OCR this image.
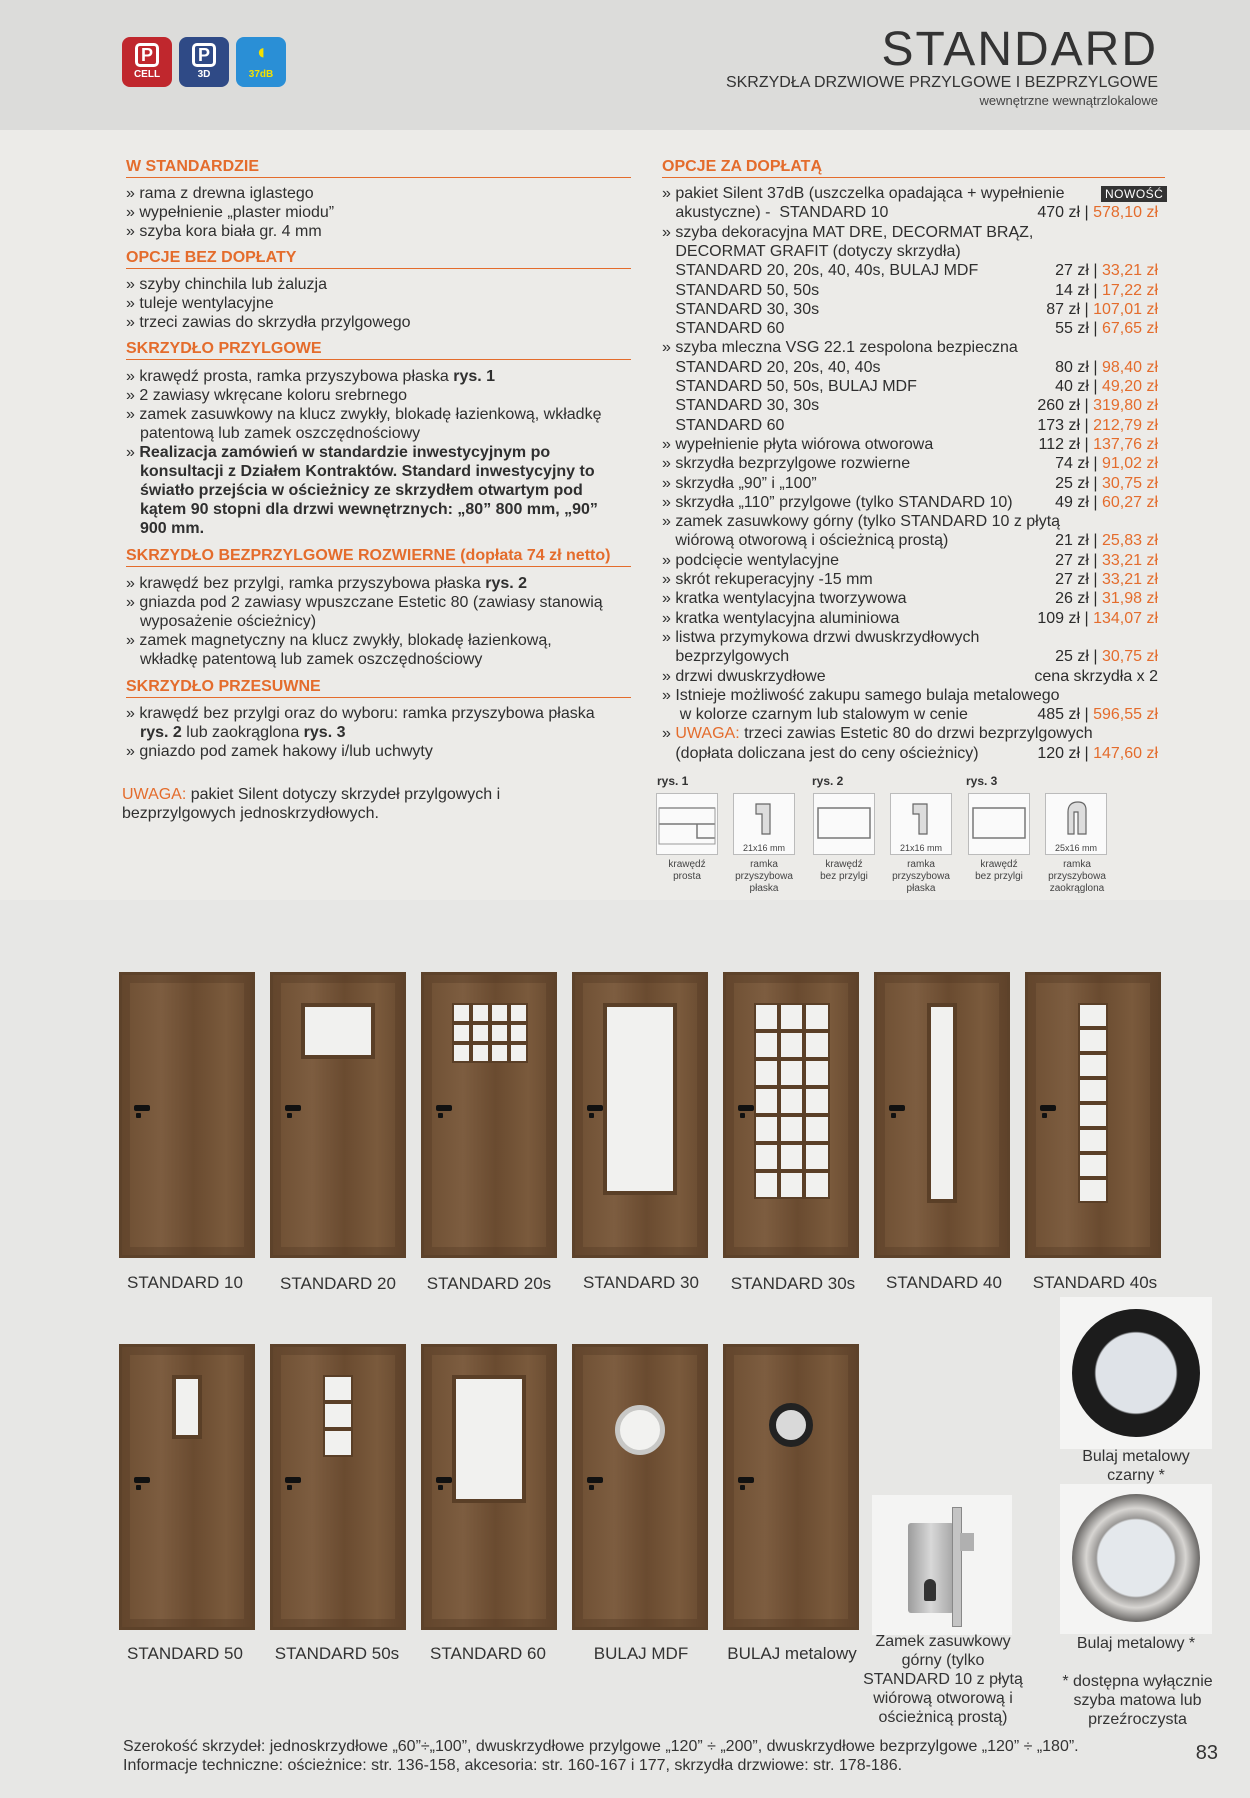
P
CELL
P
3D
◖
37dB	STANDARD
SKRZYDŁA DRZWIOWE PRZYLGOWE I BEZPRZYLGOWE
wewnętrzne wewnątrzlokalowe
W STANDARDZIE
» rama z drewna iglastego
» wypełnienie „plaster miodu”
» szyba kora biała gr. 4 mm
OPCJE BEZ DOPŁATY
» szyby chinchila lub żaluzja
» tuleje wentylacyjne
» trzeci zawias do skrzydła przylgowego
SKRZYDŁO PRZYLGOWE
» krawędź prosta, ramka przyszybowa płaska rys. 1
» 2 zawiasy wkręcane koloru srebrnego
» zamek zasuwkowy na klucz zwykły, blokadę łazienkową, wkładkę
patentową lub zamek oszczędnościowy
» Realizacja zamówień w standardzie inwestycyjnym po
konsultacji z Działem Kontraktów. Standard inwestycyjny to
światło przejścia w ościeżnicy ze skrzydłem otwartym pod
kątem 90 stopni dla drzwi wewnętrznych: „80” 800 mm, „90”
900 mm.
SKRZYDŁO BEZPRZYLGOWE ROZWIERNE (dopłata 74 zł netto)
» krawędź bez przylgi, ramka przyszybowa płaska rys. 2
» gniazda pod 2 zawiasy wpuszczane Estetic 80 (zawiasy stanowią
wyposażenie ościeżnicy)
» zamek magnetyczny na klucz zwykły, blokadę łazienkową,
wkładkę patentową lub zamek oszczędnościowy
SKRZYDŁO PRZESUWNE
» krawędź bez przylgi oraz do wyboru: ramka przyszybowa płaska
rys. 2 lub zaokrąglona rys. 3
» gniazdo pod zamek hakowy i/lub uchwyty
UWAGA: pakiet Silent dotyczy skrzydeł przylgowych i
bezprzylgowych jednoskrzydłowych.
OPCJE ZA DOPŁATĄ
NOWOŚĆ
» pakiet Silent 37dB (uszczelka opadająca + wypełnienie
akustyczne) -  STANDARD 10	470 zł | 578,10 zł
» szyba dekoracyjna MAT DRE, DECORMAT BRĄZ,
DECORMAT GRAFIT (dotyczy skrzydła)
STANDARD 20, 20s, 40, 40s, BULAJ MDF	27 zł | 33,21 zł
STANDARD 50, 50s	14 zł | 17,22 zł
STANDARD 30, 30s	87 zł | 107,01 zł
STANDARD 60	55 zł | 67,65 zł
» szyba mleczna VSG 22.1 zespolona bezpieczna
STANDARD 20, 20s, 40, 40s	80 zł | 98,40 zł
STANDARD 50, 50s, BULAJ MDF	40 zł | 49,20 zł
STANDARD 30, 30s	260 zł | 319,80 zł
STANDARD 60	173 zł | 212,79 zł
» wypełnienie płyta wiórowa otworowa	112 zł | 137,76 zł
» skrzydła bezprzylgowe rozwierne	74 zł | 91,02 zł
» skrzydła „90” i „100”	25 zł | 30,75 zł
» skrzydła „110” przylgowe (tylko STANDARD 10)	49 zł | 60,27 zł
» zamek zasuwkowy górny (tylko STANDARD 10 z płytą
wiórową otworową i ościeżnicą prostą)	21 zł | 25,83 zł
» podcięcie wentylacyjne	27 zł | 33,21 zł
» skrót rekuperacyjny -15 mm	27 zł | 33,21 zł
» kratka wentylacyjna tworzywowa	26 zł | 31,98 zł
» kratka wentylacyjna aluminiowa	109 zł | 134,07 zł
» listwa przymykowa drzwi dwuskrzydłowych
bezprzylgowych	25 zł | 30,75 zł
» drzwi dwuskrzydłowe	cena skrzydła x 2
» Istnieje możliwość zakupu samego bulaja metalowego
w kolorze czarnym lub stalowym w cenie	485 zł | 596,55 zł
» UWAGA: trzeci zawias Estetic 80 do drzwi bezprzylgowych
(dopłata doliczana jest do ceny ościeżnicy)	120 zł | 147,60 zł
rys. 1	rys. 2	rys. 3
21x16 mm	21x16 mm	25x16 mm
krawędź
prosta
ramka
przyszybowa
płaska
krawędź
bez przylgi
ramka
przyszybowa
płaska
krawędź
bez przylgi
ramka
przyszybowa
zaokrąglona
STANDARD 10	STANDARD 20	STANDARD 20s	STANDARD 30	STANDARD 30s	STANDARD 40	STANDARD 40s
STANDARD 50	STANDARD 50s	STANDARD 60	BULAJ MDF	BULAJ metalowy
Bulaj metalowy
czarny *
Bulaj metalowy *
* dostępna wyłącznie
szyba matowa lub
przeźroczysta
Zamek zasuwkowy
górny (tylko
STANDARD 10 z płytą
wiórową otworową i
ościeżnicą prostą)
Szerokość skrzydeł: jednoskrzydłowe „60”÷„100”, dwuskrzydłowe przylgowe „120” ÷ „200”, dwuskrzydłowe bezprzylgowe „120” ÷ „180”.
Informacje techniczne: ościeżnice: str. 136-158, akcesoria: str. 160-167 i 177, skrzydła drzwiowe: str. 178-186.
83
